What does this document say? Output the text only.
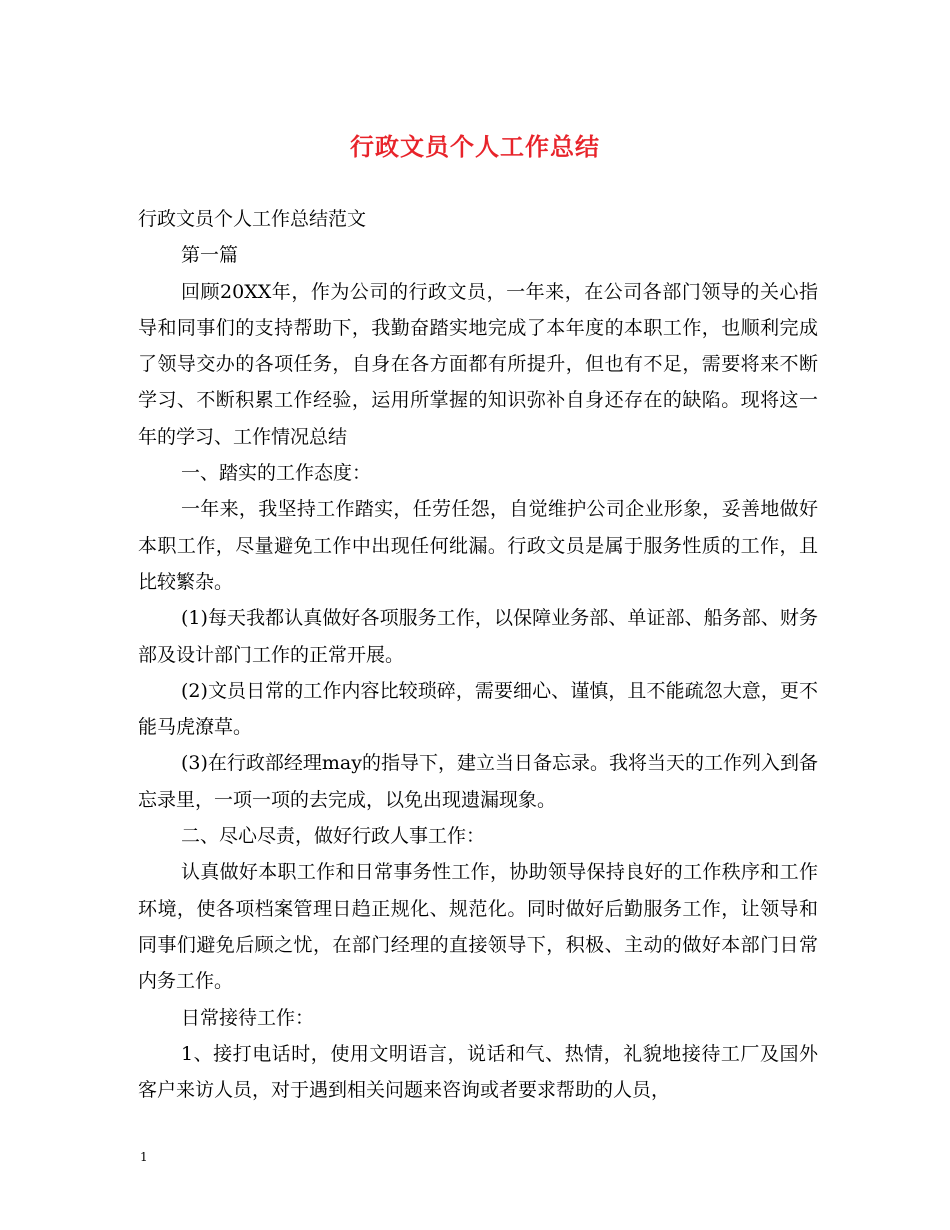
行政文员个人工作总结

行政文员个人工作总结范文

第一篇

回顾20XX年，作为公司的行政文员，一年来，在公司各部门领导的关心指导和同事们的支持帮助下，我勤奋踏实地完成了本年度的本职工作，也顺利完成了领导交办的各项任务，自身在各方面都有所提升，但也有不足，需要将来不断学习、不断积累工作经验，运用所掌握的知识弥补自身还存在的缺陷。现将这一年的学习、工作情况总结

一、踏实的工作态度：

一年来，我坚持工作踏实，任劳任怨，自觉维护公司企业形象，妥善地做好本职工作，尽量避免工作中出现任何纰漏。行政文员是属于服务性质的工作，且比较繁杂。

(1)每天我都认真做好各项服务工作，以保障业务部、单证部、船务部、财务部及设计部门工作的正常开展。

(2)文员日常的工作内容比较琐碎，需要细心、谨慎，且不能疏忽大意，更不能马虎潦草。

(3)在行政部经理may的指导下，建立当日备忘录。我将当天的工作列入到备忘录里，一项一项的去完成，以免出现遗漏现象。

二、尽心尽责，做好行政人事工作：

认真做好本职工作和日常事务性工作，协助领导保持良好的工作秩序和工作环境，使各项档案管理日趋正规化、规范化。同时做好后勤服务工作，让领导和同事们避免后顾之忧，在部门经理的直接领导下，积极、主动的做好本部门日常内务工作。

日常接待工作：

1、接打电话时，使用文明语言，说话和气、热情，礼貌地接待工厂及国外客户来访人员，对于遇到相关问题来咨询或者要求帮助的人员，

1
